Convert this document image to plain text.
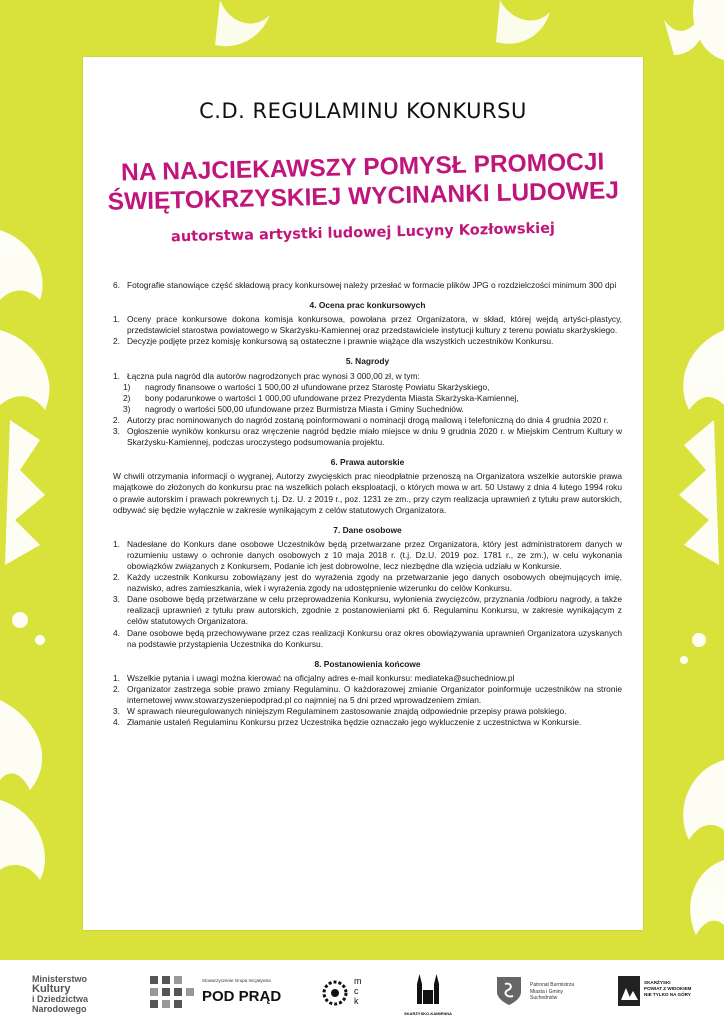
C.D. REGULAMINU KONKURSU
NA NAJCIEKAWSZY POMYSŁ PROMOCJI
ŚWIĘTOKRZYSKIEJ WYCINANKI LUDOWEJ

autorstwa artystki ludowej Lucyny Kozłowskiej

6. Fotografie stanowiące część składową pracy konkursowej należy przesłać w formacie plików JPG o rozdzielczości minimum 300 dpi

4. Ocena prac konkursowych

1. Oceny prace konkursowe dokona komisja konkursowa, powołana przez Organizatora, w skład, której wejdą artyści-plastycy, przedstawiciel starostwa powiatowego w Skarżysku-Kamiennej oraz przedstawiciele instytucji kultury z terenu powiatu skarżyskiego.
2. Decyzje podjęte przez komisję konkursową są ostateczne i prawnie wiążące dla wszystkich uczestników Konkursu.

5. Nagrody

1. Łączna pula nagród dla autorów nagrodzonych prac wynosi 3 000,00 zł, w tym:
1)	nagrody finansowe o wartości 1 500,00 zł ufundowane przez Starostę Powiatu Skarżyskiego,
2)	bony podarunkowe o wartości 1 000,00 ufundowane przez Prezydenta Miasta Skarżyska-Kamiennej,
3)	nagrody o wartości 500,00 ufundowane przez Burmistrza Miasta i Gminy Suchedniów.
2. Autorzy prac nominowanych do nagród zostaną poinformowani o nominacji drogą mailową i telefoniczną do dnia 4 grudnia 2020 r.
3. Ogłoszenie wyników konkursu oraz wręczenie nagród będzie miało miejsce w dniu 9 grudnia 2020 r. w Miejskim Centrum Kultury w Skarżysku-Kamiennej, podczas uroczystego podsumowania projektu.

6. Prawa autorskie

W chwili otrzymania informacji o wygranej, Autorzy zwycięskich prac nieodpłatnie przenoszą na Organizatora wszelkie autorskie prawa majątkowe do złożonych do konkursu prac na wszelkich polach eksploatacji, o których mowa w art. 50 Ustawy z dnia 4 lutego 1994 roku o prawie autorskim i prawach pokrewnych t.j. Dz. U. z 2019 r., poz. 1231 ze zm., przy czym realizacja uprawnień z tytułu praw autorskich, odbywać się będzie wyłącznie w zakresie wynikającym z celów statutowych Organizatora.

7. Dane osobowe

1. Nadesłane do Konkurs dane osobowe Uczestników będą przetwarzane przez Organizatora, który jest administratorem danych w rozumieniu ustawy o ochronie danych osobowych z 10 maja 2018 r. (t.j. Dz.U. 2019 poz. 1781 r., ze zm.), w celu wykonania obowiązków związanych z Konkursem, Podanie ich jest dobrowolne, lecz niezbędne dla wzięcia udziału w Konkursie.
2. Każdy uczestnik Konkursu zobowiązany jest do wyrażenia zgody na przetwarzanie jego danych osobowych obejmujących imię, nazwisko, adres zamieszkania, wiek i wyrażenia zgody na udostępnienie wizerunku do celów Konkursu.
3. Dane osobowe będą przetwarzane w celu przeprowadzenia Konkursu, wyłonienia zwycięzców, przyznania /odbioru nagrody, a także realizacji uprawnień z tytułu praw autorskich, zgodnie z postanowieniami pkt 6. Regulaminu Konkursu, w zakresie wynikającym z celów statutowych Organizatora.
4. Dane osobowe będą przechowywane przez czas realizacji Konkursu oraz okres obowiązywania uprawnień Organizatora uzyskanych na podstawie przystąpienia Uczestnika do Konkursu.

8. Postanowienia końcowe

1. Wszelkie pytania i uwagi można kierować na oficjalny adres e-mail konkursu: mediateka@suchedniow.pl
2. Organizator zastrzega sobie prawo zmiany Regulaminu. O każdorazowej zmianie Organizator poinformuje uczestników na stronie internetowej www.stowarzyszeniepodprad.pl co najmniej na 5 dni przed wprowadzeniem zmian.
3. W sprawach nieuregulowanych niniejszym Regulaminem zastosowanie znajdą odpowiednie przepisy prawa polskiego.
4. Złamanie ustaleń Regulaminu Konkursu przez Uczestnika będzie oznaczało jego wykluczenie z uczestnictwa w Konkursie.
Ministerstwo
Kultury
i Dziedzictwa
Narodowego
Stowarzyszenie Grupa Inicjatywna
POD PRĄD
m c k
SKARŻYSKO-KAMIENNA
Patronat Burmistrza
Miasta i Gminy
Suchedniów
SKARŻYSKI
POWIAT Z WIDOKIEM
NIE TYLKO NA GÓRY
